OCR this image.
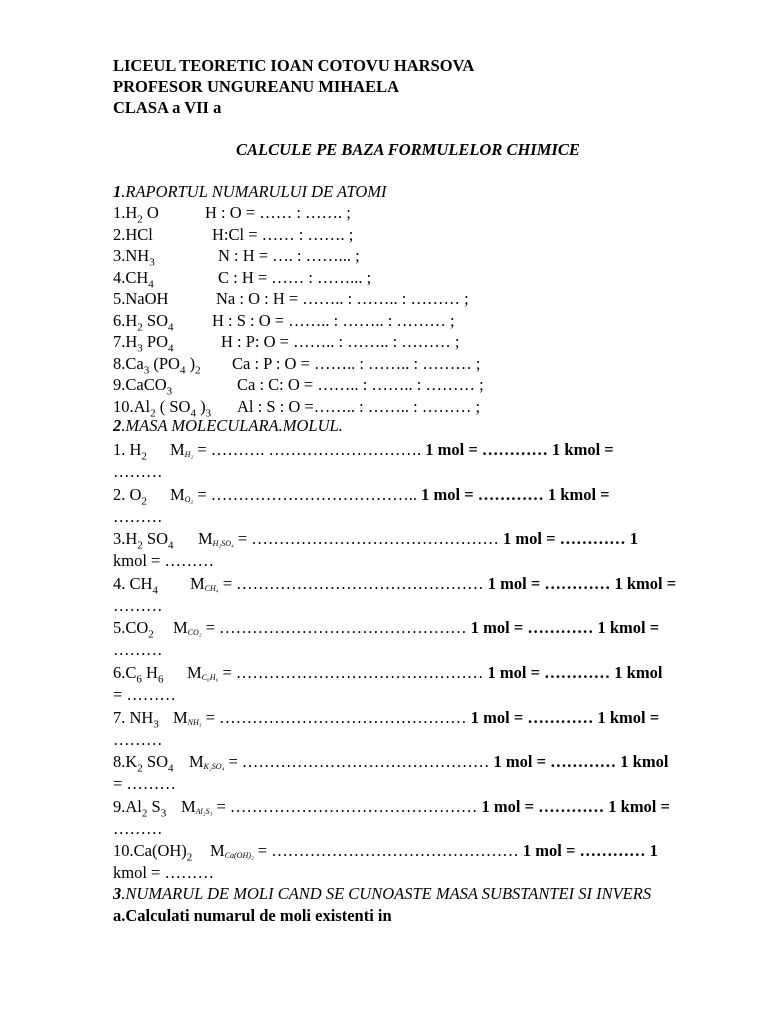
LICEUL TEORETIC IOAN COTOVU HARSOVA
PROFESOR UNGUREANU MIHAELA
CLASA a VII a
CALCULE PE BAZA FORMULELOR CHIMICE
1.RAPORTUL NUMARULUI DE ATOMI
$1.H_2$ O	H : O = …… : ……. ;
2.HCl	H:Cl = …… : ……. ;
$3.NH_3$	N : H = …. : ……... ;
$4.CH_4$	C : H = …… : ……... ;
5.NaOH	Na : O : H = …….. : …….. : ……… ;
$6.H_2$ $SO_4$ H : S : O = …….. : …….. : ……… ;
$7.H_3$ $PO_4$	H : P: O = …….. : …….. : ……… ;
$8.Ca_3$ ($PO_4$ )$_2$ Ca : P : O = …….. : …….. : ……… ;
9.CaCO$_3$	Ca : C: O = …….. : …….. : ……… ;
$10.Al_2$ ( $SO_4$ )$_3$ Al : S : O =…….. : …….. : ……… ;
2.MASA MOLECULARA.MOLUL.
1. $H_2$ MH₂ = ………. ………………………. 1 mol = ………… 1 kmol =
………
2. $O_2$ MO₂ = ……………………………….. 1 mol = ………… 1 kmol =
………
$3.H_2$ $SO_4$ MH₂SO₄ = ……………………………………… 1 mol = ………… 1
kmol = ………
4. $CH_4$ MCH₄ = ……………………………………… 1 mol = ………… 1 kmol =
………
$5.CO_2$ MCO₂ = ……………………………………… 1 mol = ………… 1 kmol =
………
$6.C_6$ $H_6$ MC₆H₆ = ……………………………………… 1 mol = ………… 1 kmol
= ………
7. $NH_3$ MNH₃ = ……………………………………… 1 mol = ………… 1 kmol =
………
$8.K_2$ $SO_4$ MK₂SO₄ = ……………………………………… 1 mol = ………… 1 kmol
= ………
$9.Al_2$ $S_3$ MAl₂S₃ = ……………………………………… 1 mol = ………… 1 kmol =
………
$10.Ca(OH)_2$ MCa(OH)₂ = ……………………………………… 1 mol = ………… 1
kmol = ………
3.NUMARUL DE MOLI CAND SE CUNOASTE MASA SUBSTANTEI SI INVERS
a.Calculati numarul de moli existenti in
